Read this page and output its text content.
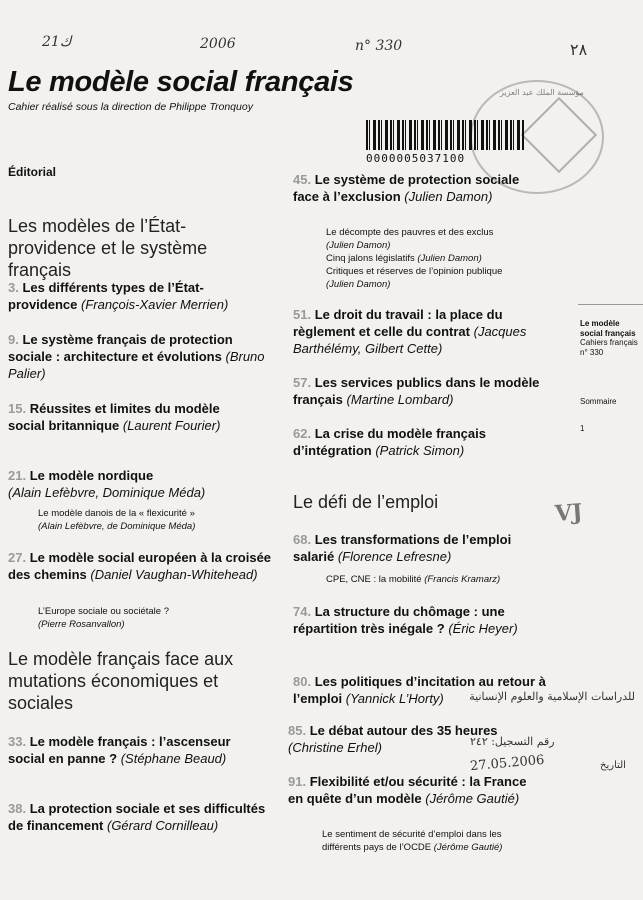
2ك1	2006	n° 330	٢٨
مؤسسة الملك عبد العزيز
0000005037100
Le modèle social français
Cahier réalisé sous la direction de Philippe Tronquoy
Éditorial
Les modèles de l’État-providence et le système français
3. Les différents types de l’État-providence (François-Xavier Merrien)
9. Le système français de protection sociale : architecture et évolutions (Bruno Palier)
15. Réussites et limites du modèle social britannique (Laurent Fourier)
21. Le modèle nordique
(Alain Lefèbvre, Dominique Méda)
Le modèle danois de la « flexicurité »
(Alain Lefèbvre, de Dominique Méda)
27. Le modèle social européen à la croisée des chemins (Daniel Vaughan-Whitehead)
L’Europe sociale ou sociétale ?
(Pierre Rosanvallon)
Le modèle français face aux mutations économiques et sociales
33. Le modèle français : l’ascenseur social en panne ? (Stéphane Beaud)
38. La protection sociale et ses difficultés de financement (Gérard Cornilleau)
45. Le système de protection sociale face à l’exclusion (Julien Damon)
Le décompte des pauvres et des exclus
(Julien Damon)
Cinq jalons législatifs (Julien Damon)
Critiques et réserves de l’opinion publique
(Julien Damon)
51. Le droit du travail : la place du règlement et celle du contrat (Jacques Barthélémy, Gilbert Cette)
57. Les services publics dans le modèle français (Martine Lombard)
62. La crise du modèle français d’intégration (Patrick Simon)
Le défi de l’emploi
68. Les transformations de l’emploi salarié (Florence Lefresne)
CPE, CNE : la mobilité (Francis Kramarz)
74. La structure du chômage : une répartition très inégale ? (Éric Heyer)
80. Les politiques d’incitation au retour à l’emploi (Yannick L’Horty)
85. Le débat autour des 35 heures (Christine Erhel)
91. Flexibilité et/ou sécurité : la France en quête d’un modèle (Jérôme Gautié)
Le sentiment de sécurité d’emploi dans les différents pays de l’OCDE (Jérôme Gautié)
Le modèle social français
Cahiers français
n° 330
Sommaire
1
VJ
للدراسات الإسلامية والعلوم الإنسانية
رقم التسجيل: ٢٤٢
التاريخ
27.05.2006
